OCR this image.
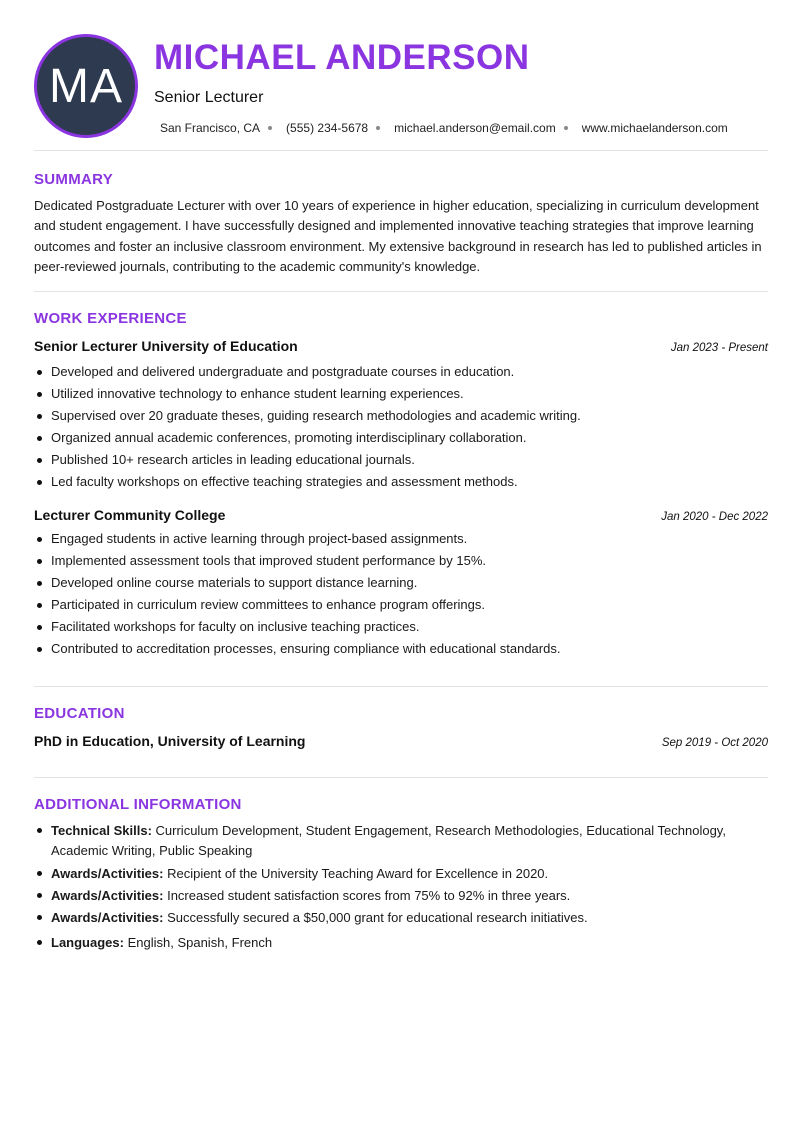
MA
MICHAEL ANDERSON
Senior Lecturer
San Francisco, CA (555) 234-5678 michael.anderson@email.com www.michaelanderson.com
SUMMARY
Dedicated Postgraduate Lecturer with over 10 years of experience in higher education, specializing in curriculum development and student engagement. I have successfully designed and implemented innovative teaching strategies that improve learning outcomes and foster an inclusive classroom environment. My extensive background in research has led to published articles in peer-reviewed journals, contributing to the academic community's knowledge.
WORK EXPERIENCE
Senior Lecturer University of Education	Jan 2023 - Present
Developed and delivered undergraduate and postgraduate courses in education.
Utilized innovative technology to enhance student learning experiences.
Supervised over 20 graduate theses, guiding research methodologies and academic writing.
Organized annual academic conferences, promoting interdisciplinary collaboration.
Published 10+ research articles in leading educational journals.
Led faculty workshops on effective teaching strategies and assessment methods.
Lecturer Community College	Jan 2020 - Dec 2022
Engaged students in active learning through project-based assignments.
Implemented assessment tools that improved student performance by 15%.
Developed online course materials to support distance learning.
Participated in curriculum review committees to enhance program offerings.
Facilitated workshops for faculty on inclusive teaching practices.
Contributed to accreditation processes, ensuring compliance with educational standards.
EDUCATION
PhD in Education, University of Learning	Sep 2019 - Oct 2020
ADDITIONAL INFORMATION
Technical Skills: Curriculum Development, Student Engagement, Research Methodologies, Educational Technology, Academic Writing, Public Speaking
Awards/Activities: Recipient of the University Teaching Award for Excellence in 2020.
Awards/Activities: Increased student satisfaction scores from 75% to 92% in three years.
Awards/Activities: Successfully secured a $50,000 grant for educational research initiatives.
Languages: English, Spanish, French
